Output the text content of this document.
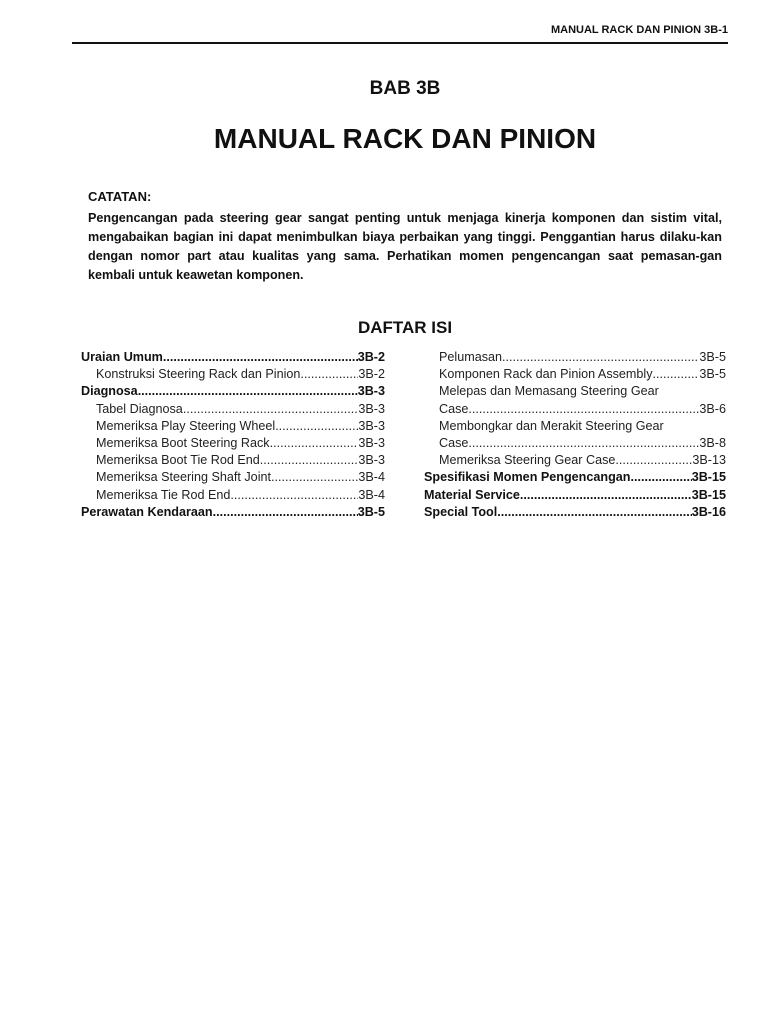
MANUAL RACK DAN PINION 3B-1
BAB 3B
MANUAL RACK DAN PINION
CATATAN:
Pengencangan pada steering gear sangat penting untuk menjaga kinerja komponen dan sistim vital, mengabaikan bagian ini dapat menimbulkan biaya perbaikan yang tinggi. Penggantian harus dilaku-kan dengan nomor part atau kualitas yang sama. Perhatikan momen pengencangan saat pemasan-gan kembali untuk keawetan komponen.
DAFTAR ISI
Uraian Umum .....	3B-2
Konstruksi Steering Rack dan Pinion .....	3B-2
Diagnosa .....	3B-3
Tabel Diagnosa .....	3B-3
Memeriksa Play Steering Wheel .....	3B-3
Memeriksa Boot Steering Rack .....	3B-3
Memeriksa Boot Tie Rod End .....	3B-3
Memeriksa Steering Shaft Joint .....	3B-4
Memeriksa Tie Rod End .....	3B-4
Perawatan Kendaraan .....	3B-5
Pelumasan .....	3B-5
Komponen Rack dan Pinion Assembly .....	3B-5
Melepas dan Memasang Steering Gear
Case .....	3B-6
Membongkar dan Merakit Steering Gear
Case .....	3B-8
Memeriksa Steering Gear Case .....	3B-13
Spesifikasi Momen Pengencangan .....	3B-15
Material Service .....	3B-15
Special Tool .....	3B-16
